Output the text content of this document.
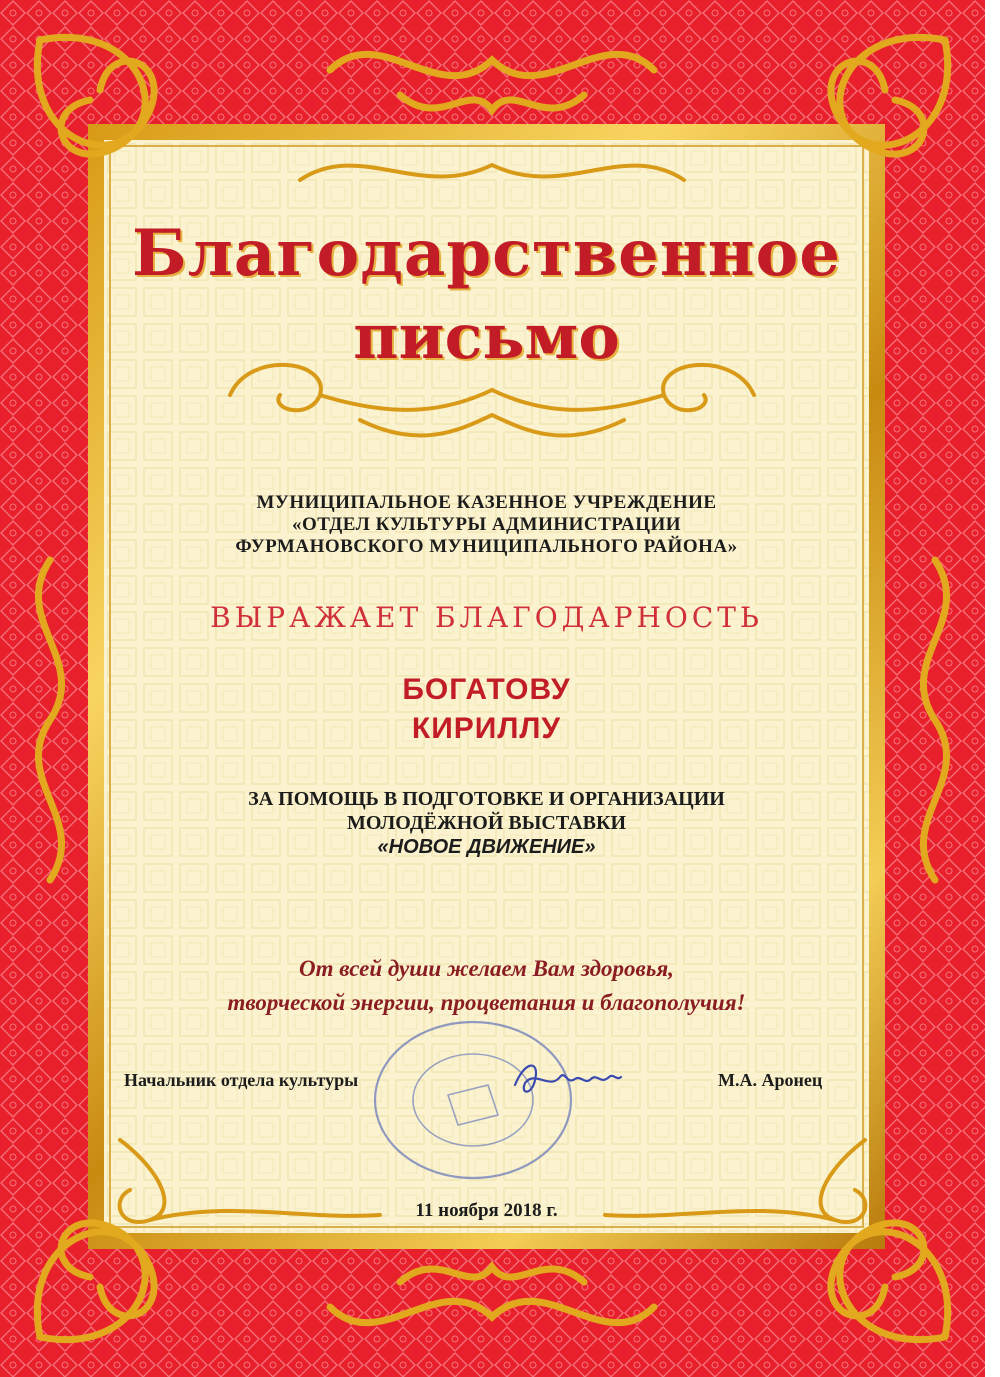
Благодарственное
письмо

МУНИЦИПАЛЬНОЕ КАЗЕННОЕ УЧРЕЖДЕНИЕ

«ОТДЕЛ КУЛЬТУРЫ АДМИНИСТРАЦИИ

ФУРМАНОВСКОГО МУНИЦИПАЛЬНОГО РАЙОНА»

ВЫРАЖАЕТ БЛАГОДАРНОСТЬ

БОГАТОВУ

КИРИЛЛУ

ЗА ПОМОЩЬ В ПОДГОТОВКЕ И ОРГАНИЗАЦИИ

МОЛОДЁЖНОЙ ВЫСТАВКИ

«НОВОЕ ДВИЖЕНИЕ»

От всей души желаем Вам здоровья,

творческой энергии, процветания и благополучия!

Начальник отдела культуры	М.А. Аронец

11 ноября 2018 г.
